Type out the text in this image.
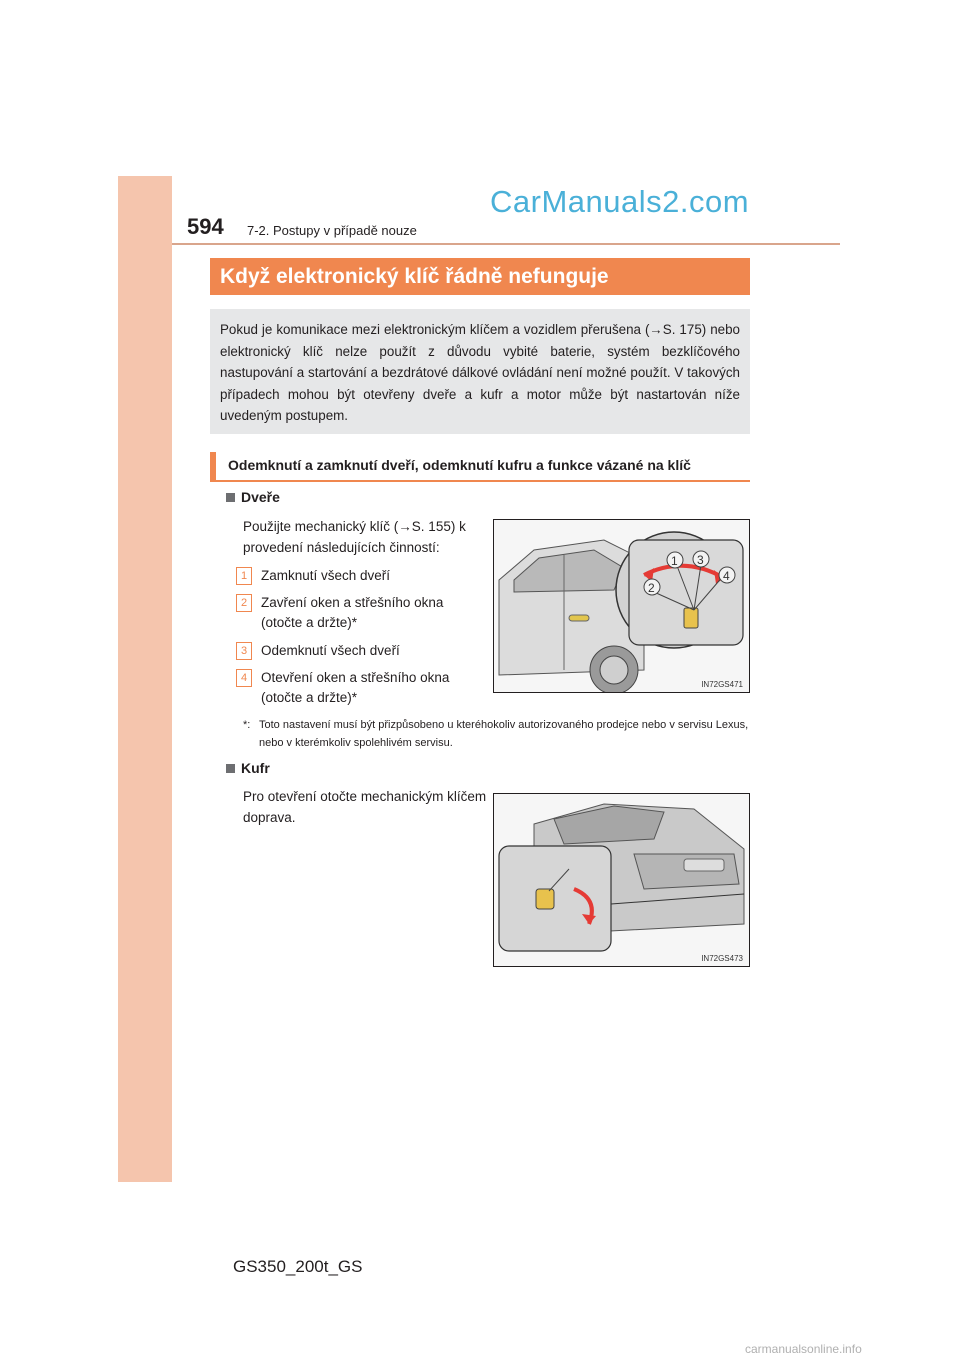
594 7-2. Postupy v případě nouze
CarManuals2.com
Když elektronický klíč řádně nefunguje
Pokud je komunikace mezi elektronickým klíčem a vozidlem přerušena (→S. 175) nebo elektronický klíč nelze použít z důvodu vybité baterie, systém bezklíčového nastupování a startování a bezdrátové dálkové ovládání není možné použít. V takových případech mohou být otevřeny dveře a kufr a motor může být nastartován níže uvedeným postupem.
Odemknutí a zamknutí dveří, odemknutí kufru a funkce vázané na klíč
Dveře
Použijte mechanický klíč (→S. 155) k provedení následujících činností:
1	Zamknutí všech dveří
2	Zavření oken a střešního okna (otočte a držte)*
3	Odemknutí všech dveří
4	Otevření oken a střešního okna (otočte a držte)*
*: Toto nastavení musí být přizpůsobeno u kteréhokoliv autorizovaného prodejce nebo v servisu Lexus, nebo v kterémkoliv spolehlivém servisu.
1 3
2
4
IN72GS471
Kufr
Pro otevření otočte mechanickým klíčem doprava.
IN72GS473
GS350_200t_GS
carmanualsonline.info
